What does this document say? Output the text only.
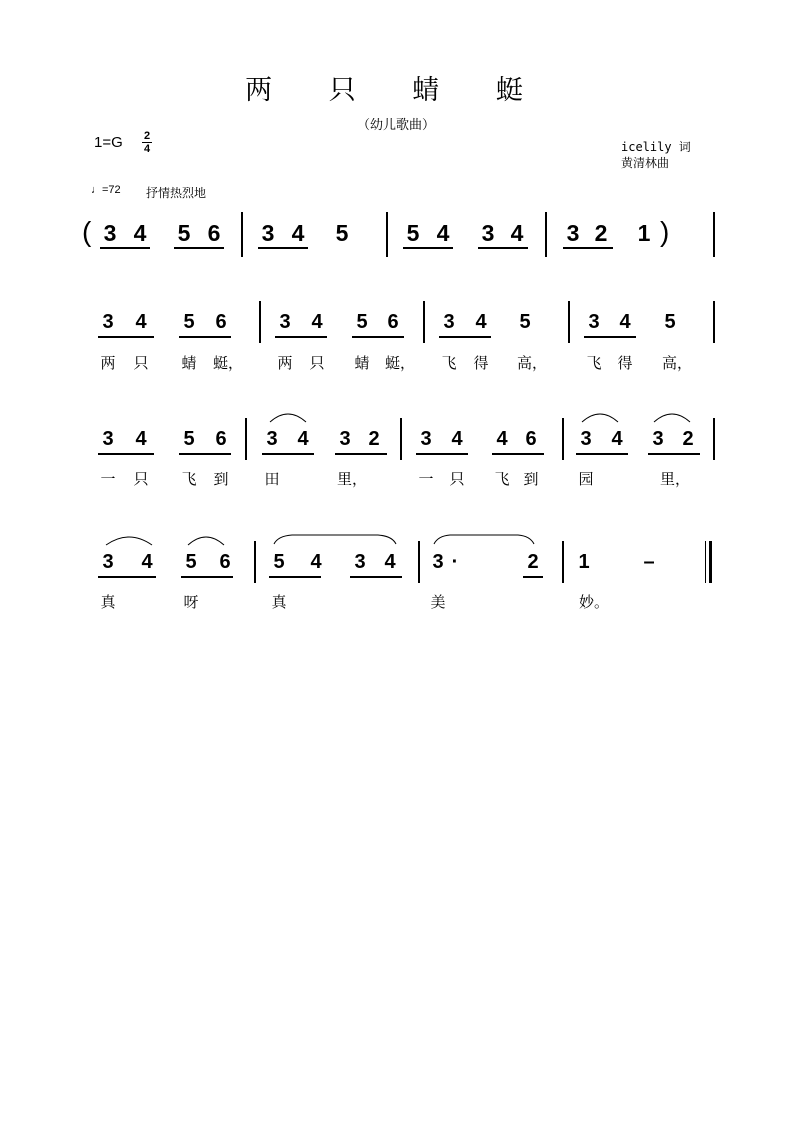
两 只 蜻 蜓
（幼儿歌曲）
1=G	2
4	icelily 词
黄清林曲
♩=72 抒情热烈地
( 3 4 5 6 3 4 5	5 4 3 4 3 2 1 )
3	4	5	6	3	4	5 6	3	4	5	3 4	5
两	只	蜻	蜓， 两	只	蜻	蜓， 飞	得	高，	飞	得	高，
3	4	5	6	3 4	3 2	3 4	4 6	3 4	3 2
一	只	飞	到	田	里，	一	只	飞 到	园	里，
3	4	5	6	5	4	3 4	3 ·	2	1	–
真	呀	真	美	妙。
